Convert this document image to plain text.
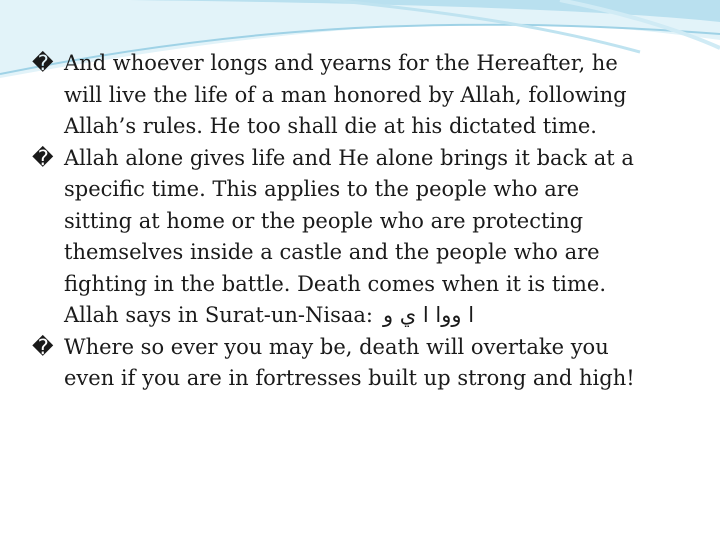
� And whoever longs and yearns for the Hereafter, he
will live the life of a man honored by Allah, following
Allah’s rules. He too shall die at his dictated time.
� Allah alone gives life and He alone brings it back at a
specific time. This applies to the people who are
sitting at home or the people who are protecting
themselves inside a castle and the people who are
fighting in the battle. Death comes when it is time.
Allah says in Surat-un-Nisaa: ا ووا ا ي و
� Where so ever you may be, death will overtake you
even if you are in fortresses built up strong and high!
